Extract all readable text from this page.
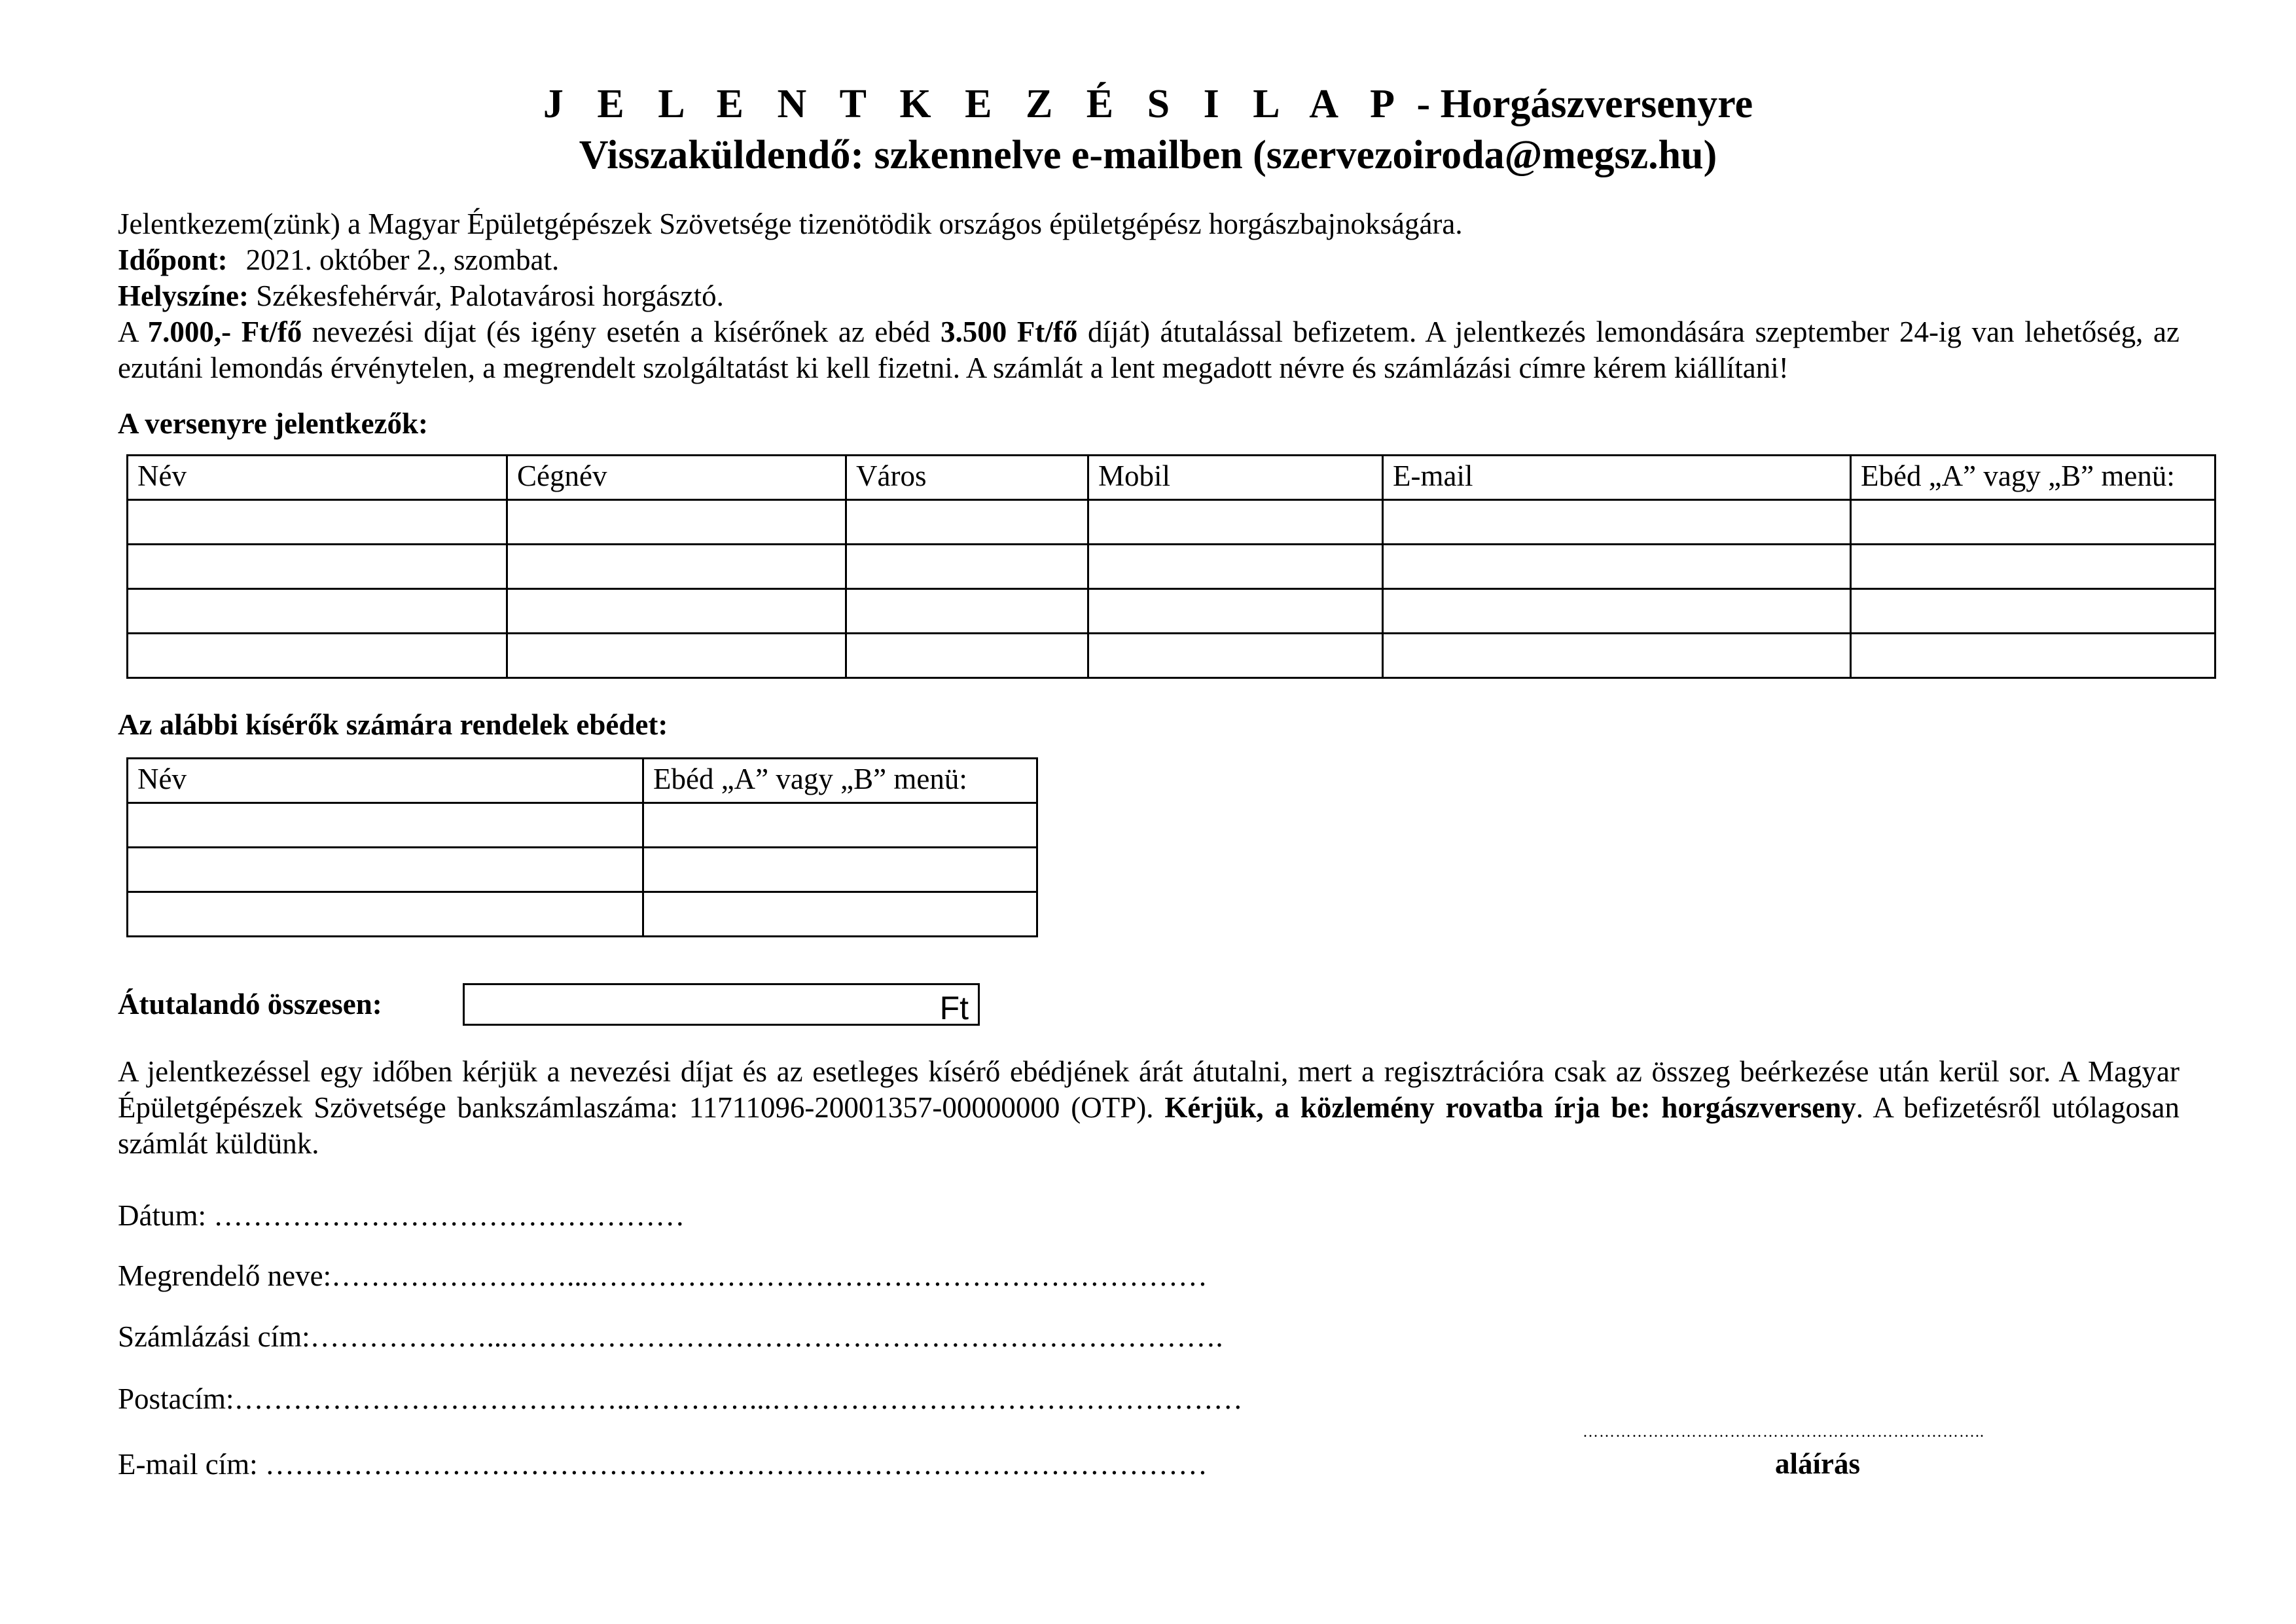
J E L E N T K E Z É S I L A P - Horgászversenyre
Visszaküldendő: szkennelve e-mailben (szervezoiroda@megsz.hu)
Jelentkezem(zünk) a Magyar Épületgépészek Szövetsége tizenötödik országos épületgépész horgászbajnokságára.
Időpont: 2021. október 2., szombat.
Helyszíne: Székesfehérvár, Palotavárosi horgásztó.
A 7.000,- Ft/fő nevezési díjat (és igény esetén a kísérőnek az ebéd 3.500 Ft/fő díját) átutalással befizetem. A jelentkezés lemondására szeptember 24-ig van lehetőség, az ezutáni lemondás érvénytelen, a megrendelt szolgáltatást ki kell fizetni. A számlát a lent megadott névre és számlázási címre kérem kiállítani!
A versenyre jelentkezők:
Név	Cégnév	Város	Mobil	E-mail	Ebéd „A” vagy „B” menü:

Az alábbi kísérők számára rendelek ebédet:
Név	Ebéd „A” vagy „B” menü:

Átutalandó összesen:	Ft
A jelentkezéssel egy időben kérjük a nevezési díjat és az esetleges kísérő ebédjének árát átutalni, mert a regisztrációra csak az összeg beérkezése után kerül sor. A Magyar Épületgépészek Szövetsége bankszámlaszáma: 11711096-20001357-00000000 (OTP). Kérjük, a közlemény rovatba írja be: horgászverseny. A befizetésről utólagosan számlát küldünk.
Dátum: …………………………………………
Megrendelő neve:……………………...………………………………………………………
Számlázási cím:………………...……………………………………………………………….
Postacím:…………………………………..…………...…………………………………………
E-mail cím: ……………………………………………………………………………………
………………………………………………………………..
aláírás
